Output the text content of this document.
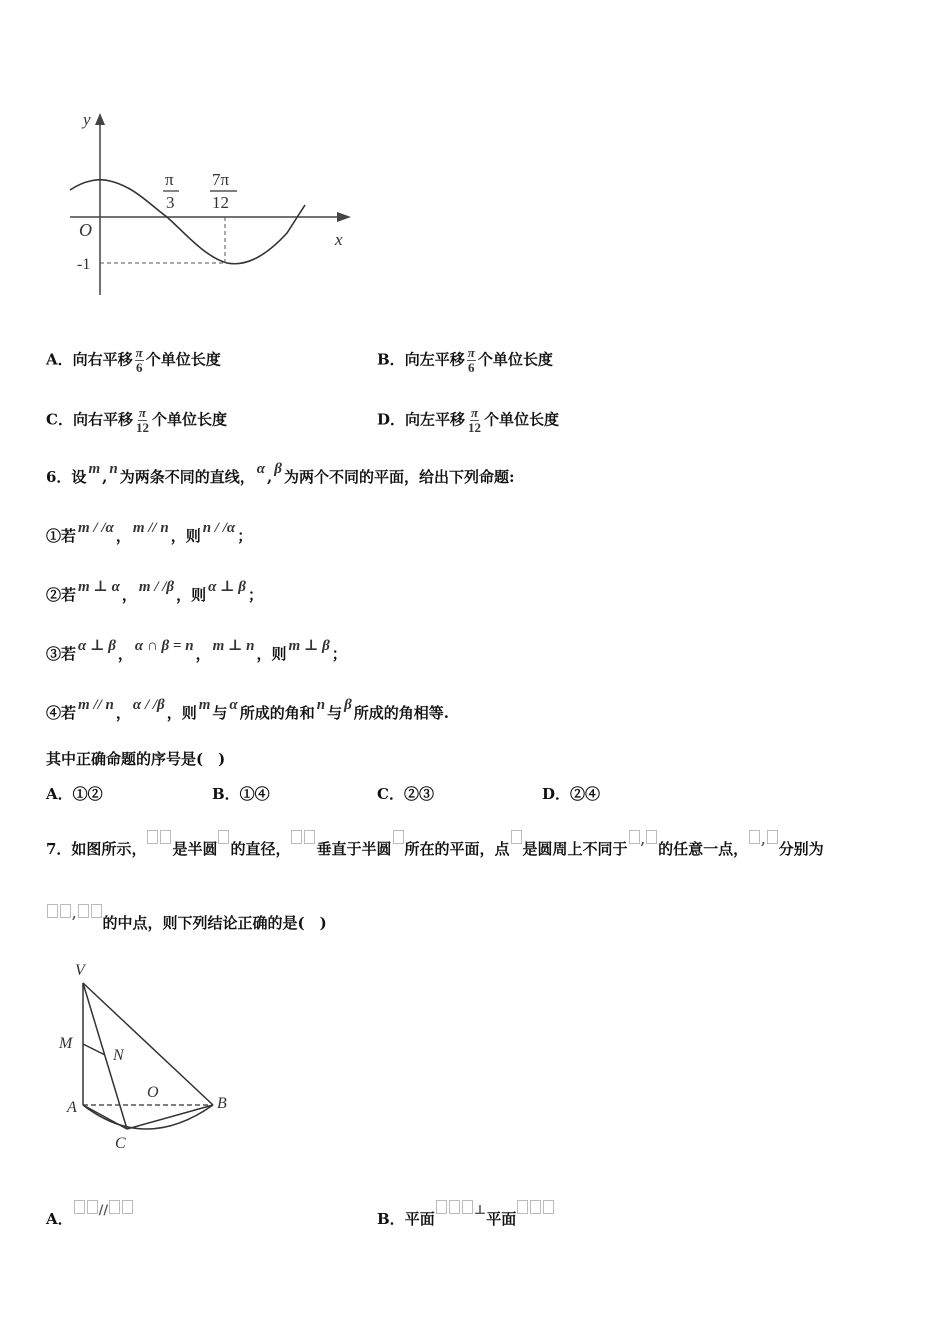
y
x
O
-1
π
3
7π
12
A．向右平移 $\frac{\pi}{6}$ 个单位长度	B．向左平移 $\frac{\pi}{6}$ 个单位长度
C．向右平移 $\frac{\pi}{12}$ 个单位长度	D．向左平移 $\frac{\pi}{12}$ 个单位长度
6．设 m , n 为两条不同的直线， α , β 为两个不同的平面，给出下列命题:
①若 m / /α ， m // n ，则 n / /α ；
②若 m ⊥ α ， m / /β ，则 α ⊥ β ；
③若 α ⊥ β ， α ∩ β = n ， m ⊥ n ，则 m ⊥ β ；
④若 m // n ， α / /β ，则 m 与 α 所成的角和 n 与 β 所成的角相等.
其中正确命题的序号是(　)
A．①②	B．①④	C．②③	D．②④
7．如图所示， 是半圆 的直径， 垂直于半圆 所在的平面，点 是圆周上不同于 , 的任意一点， , 分别为
, 的中点，则下列结论正确的是(　)
V
M
N
O
A	B
C
A． //	B．平面	⊥平面
